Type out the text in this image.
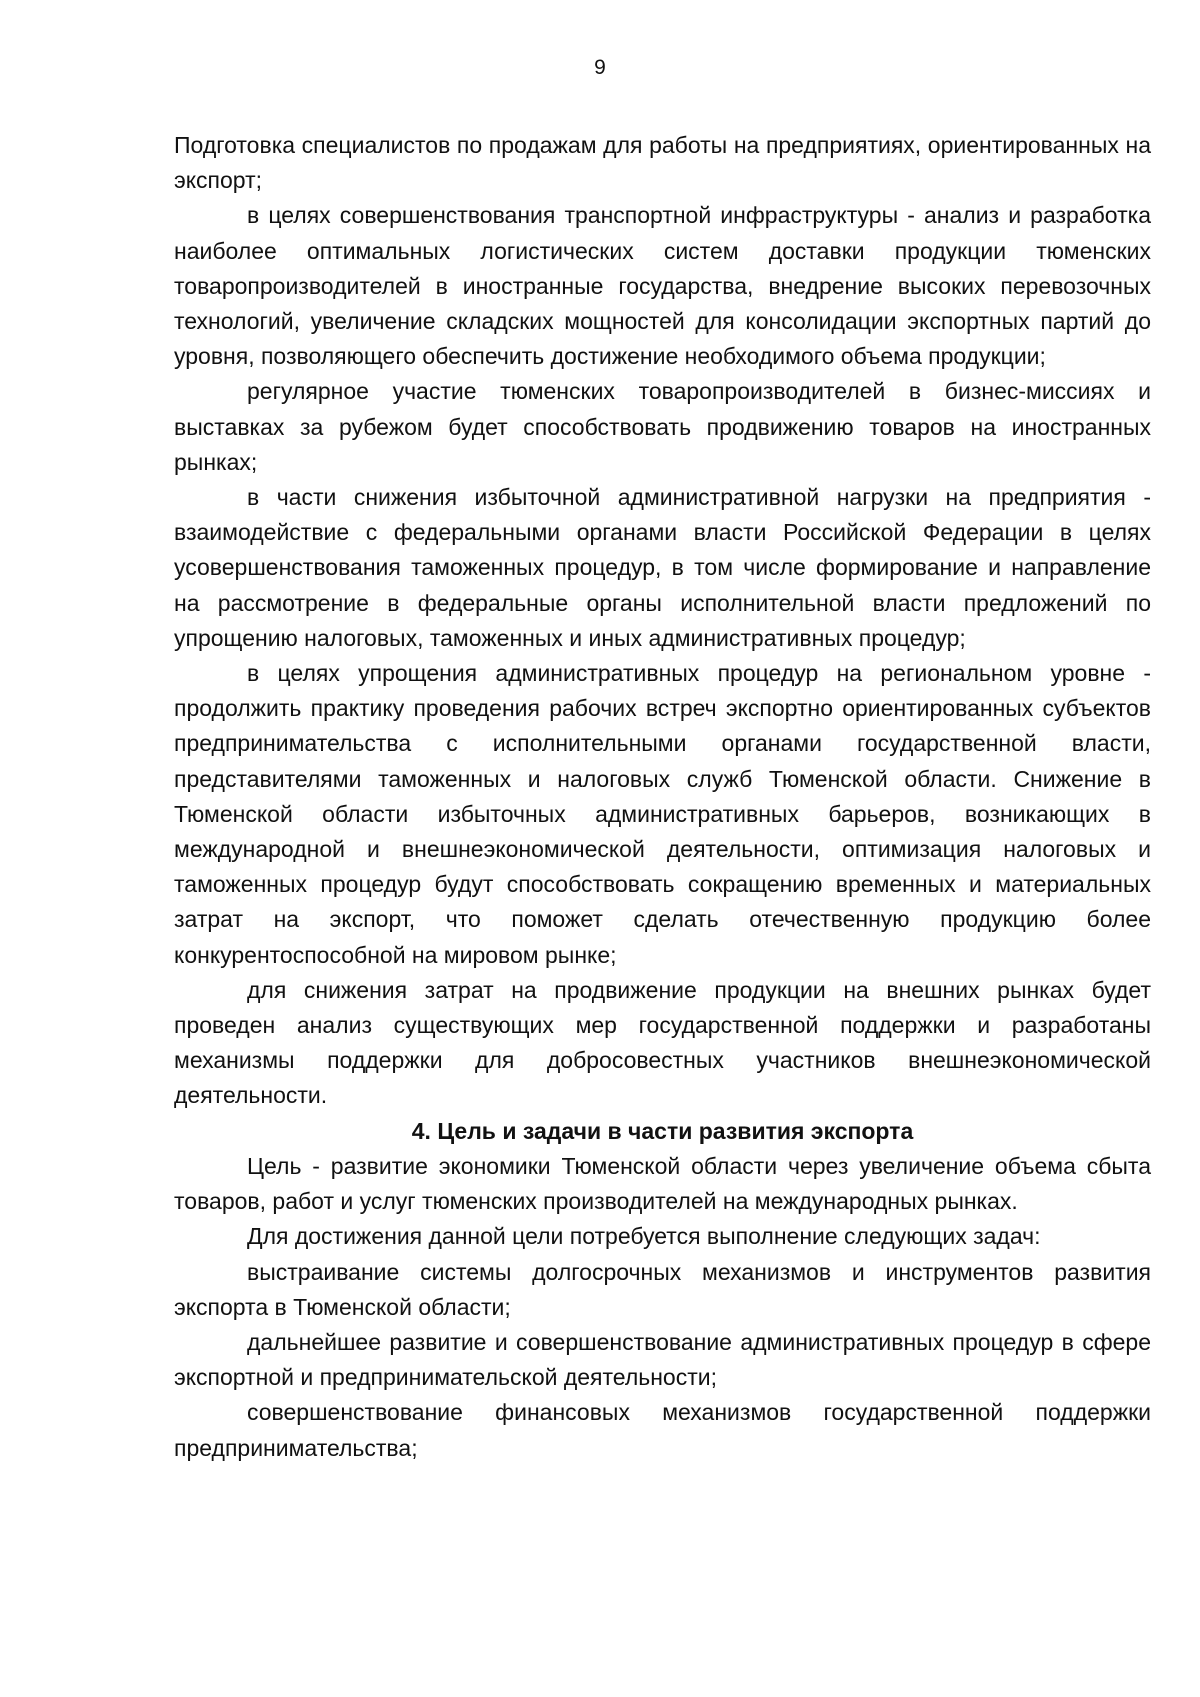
9

Подготовка специалистов по продажам для работы на предприятиях, ориентированных на экспорт;

в целях совершенствования транспортной инфраструктуры - анализ и разработка наиболее оптимальных логистических систем доставки продукции тюменских товаропроизводителей в иностранные государства, внедрение высоких перевозочных технологий, увеличение складских мощностей для консолидации экспортных партий до уровня, позволяющего обеспечить достижение необходимого объема продукции;

регулярное участие тюменских товаропроизводителей в бизнес-миссиях и выставках за рубежом будет способствовать продвижению товаров на иностранных рынках;

в части снижения избыточной административной нагрузки на предприятия - взаимодействие с федеральными органами власти Российской Федерации в целях усовершенствования таможенных процедур, в том числе формирование и направление на рассмотрение в федеральные органы исполнительной власти предложений по упрощению налоговых, таможенных и иных административных процедур;

в целях упрощения административных процедур на региональном уровне - продолжить практику проведения рабочих встреч экспортно ориентированных субъектов предпринимательства с исполнительными органами государственной власти, представителями таможенных и налоговых служб Тюменской области. Снижение в Тюменской области избыточных административных барьеров, возникающих в международной и внешнеэкономической деятельности, оптимизация налоговых и таможенных процедур будут способствовать сокращению временных и материальных затрат на экспорт, что поможет сделать отечественную продукцию более конкурентоспособной на мировом рынке;

для снижения затрат на продвижение продукции на внешних рынках будет проведен анализ существующих мер государственной поддержки и разработаны механизмы поддержки для добросовестных участников внешнеэкономической деятельности.

4. Цель и задачи в части развития экспорта

Цель - развитие экономики Тюменской области через увеличение объема сбыта товаров, работ и услуг тюменских производителей на международных рынках.

Для достижения данной цели потребуется выполнение следующих задач:

выстраивание системы долгосрочных механизмов и инструментов развития экспорта в Тюменской области;

дальнейшее развитие и совершенствование административных процедур в сфере экспортной и предпринимательской деятельности;

совершенствование финансовых механизмов государственной поддержки предпринимательства;
